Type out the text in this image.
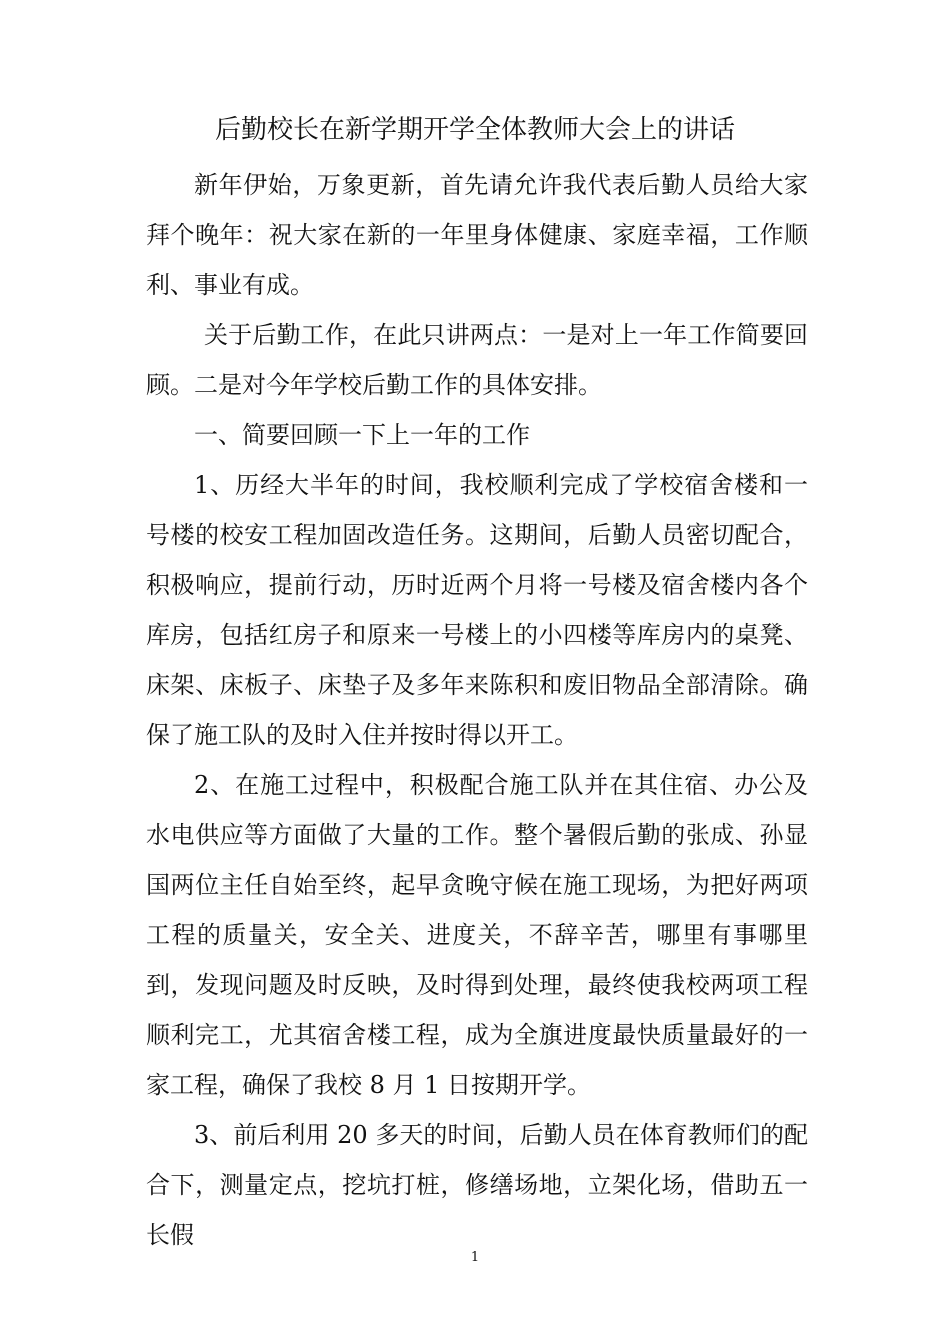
后勤校长在新学期开学全体教师大会上的讲话

新年伊始，万象更新，首先请允许我代表后勤人员给大家拜个晚年：祝大家在新的一年里身体健康、家庭幸福，工作顺利、事业有成。

关于后勤工作，在此只讲两点：一是对上一年工作简要回顾。二是对今年学校后勤工作的具体安排。

一、简要回顾一下上一年的工作

1、历经大半年的时间，我校顺利完成了学校宿舍楼和一号楼的校安工程加固改造任务。这期间，后勤人员密切配合，积极响应，提前行动，历时近两个月将一号楼及宿舍楼内各个库房，包括红房子和原来一号楼上的小四楼等库房内的桌凳、床架、床板子、床垫子及多年来陈积和废旧物品全部清除。确保了施工队的及时入住并按时得以开工。

2、在施工过程中，积极配合施工队并在其住宿、办公及水电供应等方面做了大量的工作。整个暑假后勤的张成、孙显国两位主任自始至终，起早贪晚守候在施工现场，为把好两项工程的质量关，安全关、进度关，不辞辛苦，哪里有事哪里到，发现问题及时反映，及时得到处理，最终使我校两项工程顺利完工，尤其宿舍楼工程，成为全旗进度最快质量最好的一家工程，确保了我校 8 月 1 日按期开学。

3、前后利用 20 多天的时间，后勤人员在体育教师们的配合下，测量定点，挖坑打桩，修缮场地，立架化场，借助五一长假

1
